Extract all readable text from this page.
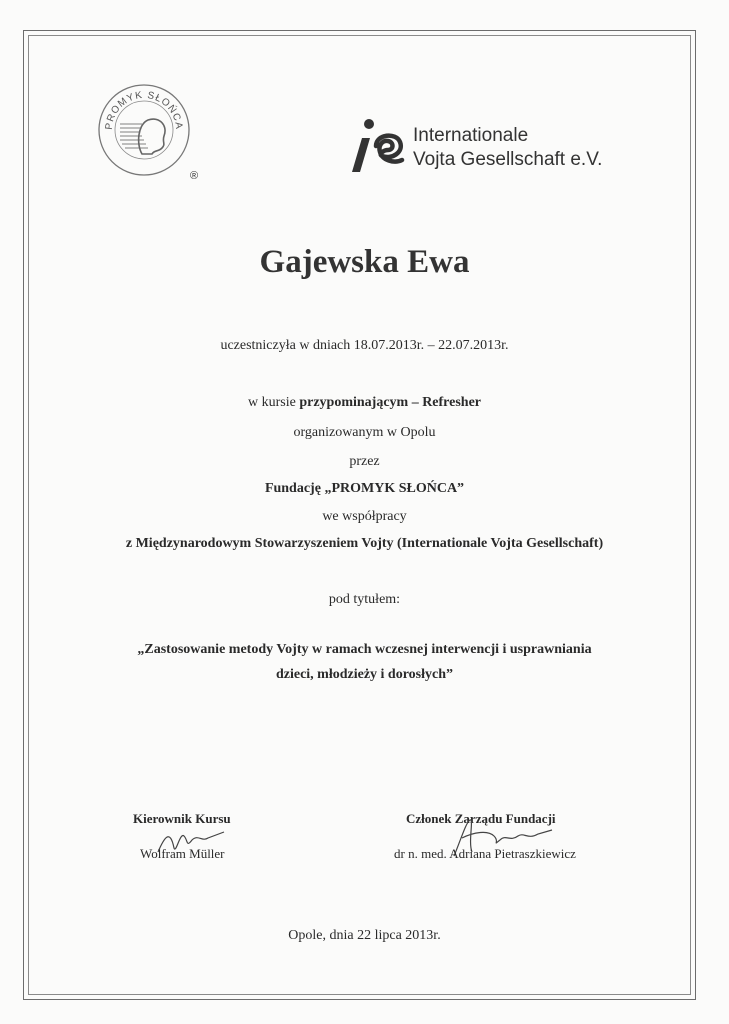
PROMYK SŁOŃCA
®
Internationale
Vojta Gesellschaft e.V.
Gajewska Ewa
uczestniczyła w dniach 18.07.2013r. – 22.07.2013r.
w kursie przypominającym – Refresher
organizowanym w Opolu
przez
Fundację „PROMYK SŁOŃCA”
we współpracy
z Międzynarodowym Stowarzyszeniem Vojty (Internationale Vojta Gesellschaft)
pod tytułem:
„Zastosowanie metody Vojty w ramach wczesnej interwencji i usprawniania
dzieci, młodzieży i dorosłych”
Kierownik Kursu
Wolfram Müller
Członek Zarządu Fundacji
dr n. med. Adriana Pietraszkiewicz
Opole, dnia 22 lipca 2013r.
